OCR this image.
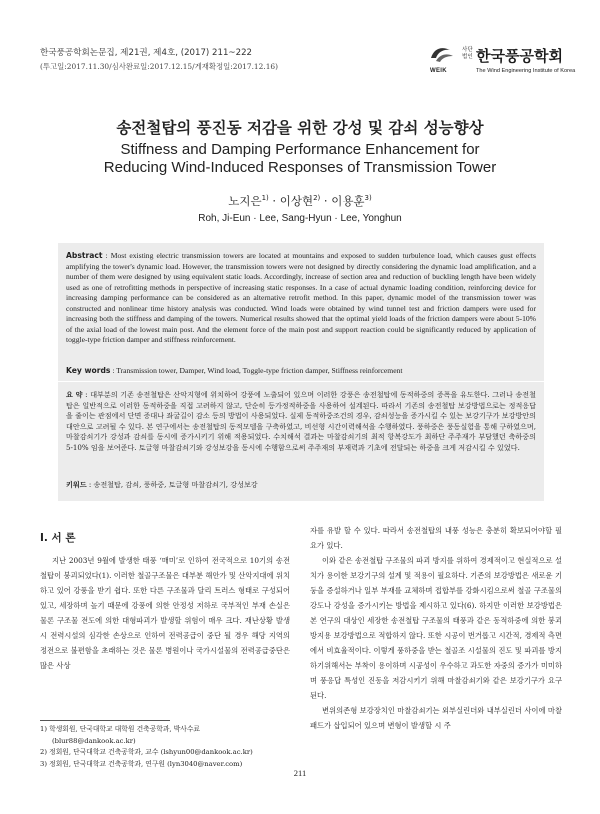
한국풍공학회논문집, 제21권, 제4호, (2017) 211~222
(투고일:2017.11.30/심사완료일:2017.12.15/게재확정일:2017.12.16)	WEIK
사단 법인 한국풍공학회
The Wind Engineering Institute of Korea
송전철탑의 풍진동 저감을 위한 강성 및 감쇠 성능향상
Stiffness and Damping Performance Enhancement for
Reducing Wind-Induced Responses of Transmission Tower
노지은$^{1)}$ · 이상현$^{2)}$ · 이용훈$^{3)}$
Roh, Ji-Eun · Lee, Sang-Hyun · Lee, Yonghun
Abstract : Most existing electric transmission towers are located at mountains and exposed to sudden turbulence load, which causes gust effects amplifying the tower's dynamic load. However, the transmission towers were not designed by directly considering the dynamic load amplification, and a number of them were designed by using equivalent static loads. Accordingly, increase of section area and reduction of buckling length have been widely used as one of retrofitting methods in perspective of increasing static responses. In a case of actual dynamic loading condition, reinforcing device for increasing damping performance can be considered as an alternative retrofit method. In this paper, dynamic model of the transmission tower was constructed and nonlinear time history analysis was conducted. Wind loads were obtained by wind tunnel test and friction dampers were used for increasing both the stiffness and damping of the towers. Numerical results showed that the optimal yield loads of the friction dampers were about 5-10% of the axial load of the lowest main post. And the element force of the main post and support reaction could be significantly reduced by application of toggle-type friction damper and stiffness reinforcement.
Key words : Transmission tower, Damper, Wind load, Toggle-type friction damper, Stiffness reinforcement
요 약 : 대부분의 기존 송전철탑은 산악지형에 위치하여 강풍에 노출되어 있으며 이러한 강풍은 송전철탑에 동적하중의 증폭을 유도한다. 그러나 송전철탑은 일반적으로 이러한 동적하중을 직접 고려하지 않고, 단순히 등가정적하중을 사용하여 설계된다. 따라서 기존의 송전철탑 보강방법으로는 정적응답을 줄이는 관점에서 단면 증대나 좌굴길이 감소 등의 방법이 사용되었다. 실제 동적하중조건의 경우, 감쇠성능을 증가시킬 수 있는 보강기구가 보강방안의 대안으로 고려될 수 있다. 본 연구에서는 송전철탑의 동적모델을 구축하였고, 비선형 시간이력해석을 수행하였다. 풍하중은 풍동실험을 통해 구하였으며, 마찰감쇠기가 강성과 감쇠를 동시에 증가시키기 위해 적용되었다. 수치해석 결과는 마찰감쇠기의 최적 항복강도가 최하단 주주재가 부담했던 축하중의 5-10% 임을 보여준다. 토글형 마찰감쇠기와 강성보강을 동시에 수행함으로써 주주재의 부재력과 기초에 전달되는 하중을 크게 저감시킬 수 있었다.
키워드 : 송전철탑, 감쇠, 풍하중, 토글형 마찰감쇠기, 강성보강
I. 서 론

지난 2003년 9월에 발생한 태풍 ‘매미’로 인하여 전국적으로 10기의 송전철탑이 붕괴되었다(1). 이러한 철골구조물은 대부분 해안가 및 산악지대에 위치하고 있어 강풍을 받기 쉽다. 또한 다른 구조물과 달리 트러스 형태로 구성되어 있고, 세장하며 높기 때문에 강풍에 의한 안정성 저하로 국부적인 부재 손실은 물론 구조물 전도에 의한 대형파괴가 발생할 위험이 매우 크다. 재난상황 발생시 전력시설의 심각한 손상으로 인하여 전력공급이 중단 될 경우 해당 지역의 정전으로 불편함을 초래하는 것은 물론 병원이나 국가시설물의 전력공급중단은 많은 사상

자를 유발 할 수 있다. 따라서 송전철탑의 내풍 성능은 충분히 확보되어야할 필요가 있다.

이와 같은 송전철탑 구조물의 파괴 방지를 위하여 경제적이고 현실적으로 설치가 용이한 보강기구의 설계 및 적용이 필요하다. 기존의 보강방법은 새로운 기둥을 증설하거나 일부 부재를 교체하며 접합부를 강화시킴으로써 철골 구조물의 강도나 강성을 증가시키는 방법을 제시하고 있다(6). 하지만 이러한 보강방법은 본 연구의 대상인 세장한 송전철탑 구조물의 태풍과 같은 동적하중에 의한 붕괴방지용 보강방법으로 적합하지 않다. 또한 시공이 번거롭고 시간적, 경제적 측면에서 비효율적이다. 이렇게 풍하중을 받는 철골조 시설물의 진도 및 파괴를 방지하기위해서는 부착이 용이하며 시공성이 우수하고 과도한 자중의 증가가 미미하며 풍응답 특성인 진동을 저감시키기 위해 마찰감쇠기와 같은 보강기구가 요구된다.

변위의존형 보강장치인 마찰감쇠기는 외부실린더와 내부실린더 사이에 마찰패드가 삽입되어 있으며 변형이 발생할 시 주

1) 학생회원, 단국대학교 대학원 건축공학과, 박사수료
(blur88@dankook.ac.kr)
2) 정회원, 단국대학교 건축공학과, 교수 (lshyun00@dankook.ac.kr)
3) 정회원, 단국대학교 건축공학과, 연구원 (lyn3040@naver.com)
211
